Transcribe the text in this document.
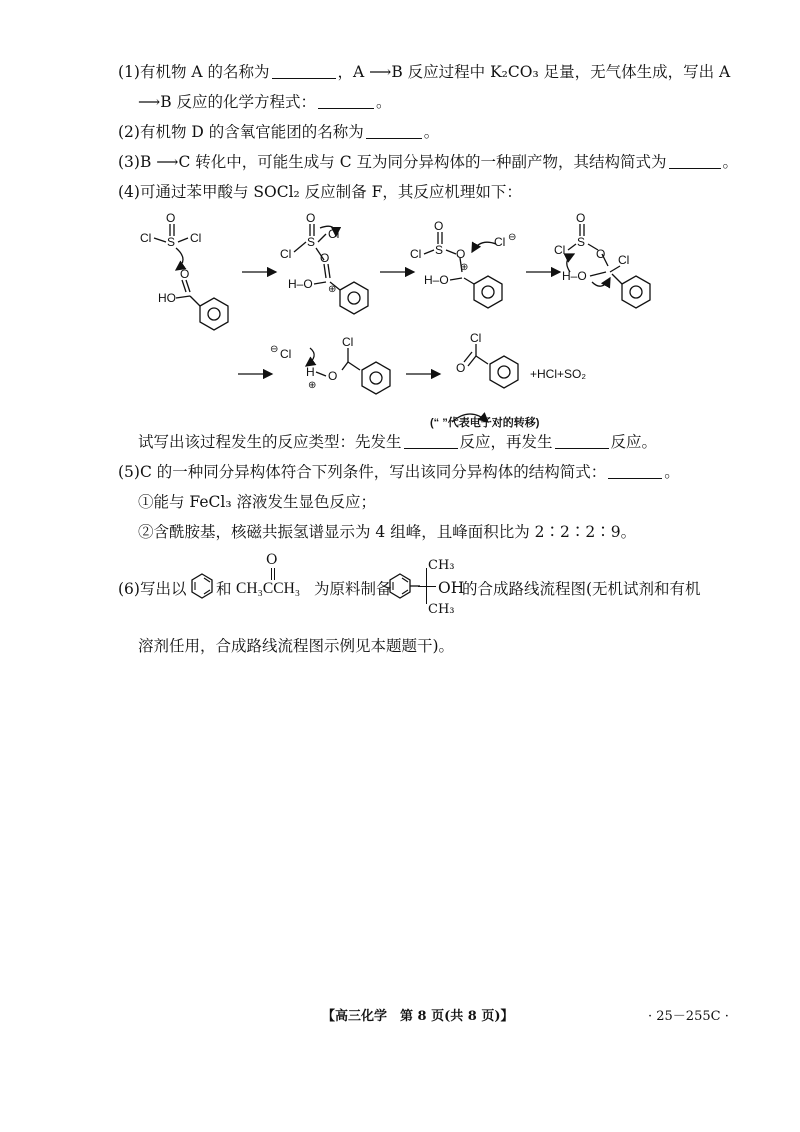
(1)有机物 A 的名称为	，A ⟶B 反应过程中 K₂CO₃ 足量，无气体生成，写出 A
⟶B 反应的化学方程式：	。
(2)有机物 D 的含氧官能团的名称为	。
(3)B ⟶C 转化中，可能生成与 C 互为同分异构体的一种副产物，其结构简式为	。
(4)可通过苯甲酸与 SOCl₂ 反应制备 F，其反应机理如下：
O
S
Cl	Cl
O
HO
O
S
Cl
Cl
O
H–O ⊕
O
S
Cl	O
H–O
⊕
Cl ⊖
O
S
Cl	O Cl
H–O
Cl
⊖
H
⊕
O
Cl
O
Cl
+HCl+SO₂
(“ ”代表电子对的转移)
试写出该过程发生的反应类型：先发生	反应，再发生	反应。
(5)C 的一种同分异构体符合下列条件，写出该同分异构体的结构简式：	。
①能与 FeCl₃ 溶液发生显色反应；
②含酰胺基，核磁共振氢谱显示为 4 组峰，且峰面积比为 2∶2∶2∶9。
(6)写出以 和
O
CH₃CCH₃ 为原料制备
CH₃
OH
CH₃
的合成路线流程图(无机试剂和有机
溶剂任用，合成路线流程图示例见本题题干)。
【高三化学　第 8 页(共 8 页)】	· 25－255C ·
